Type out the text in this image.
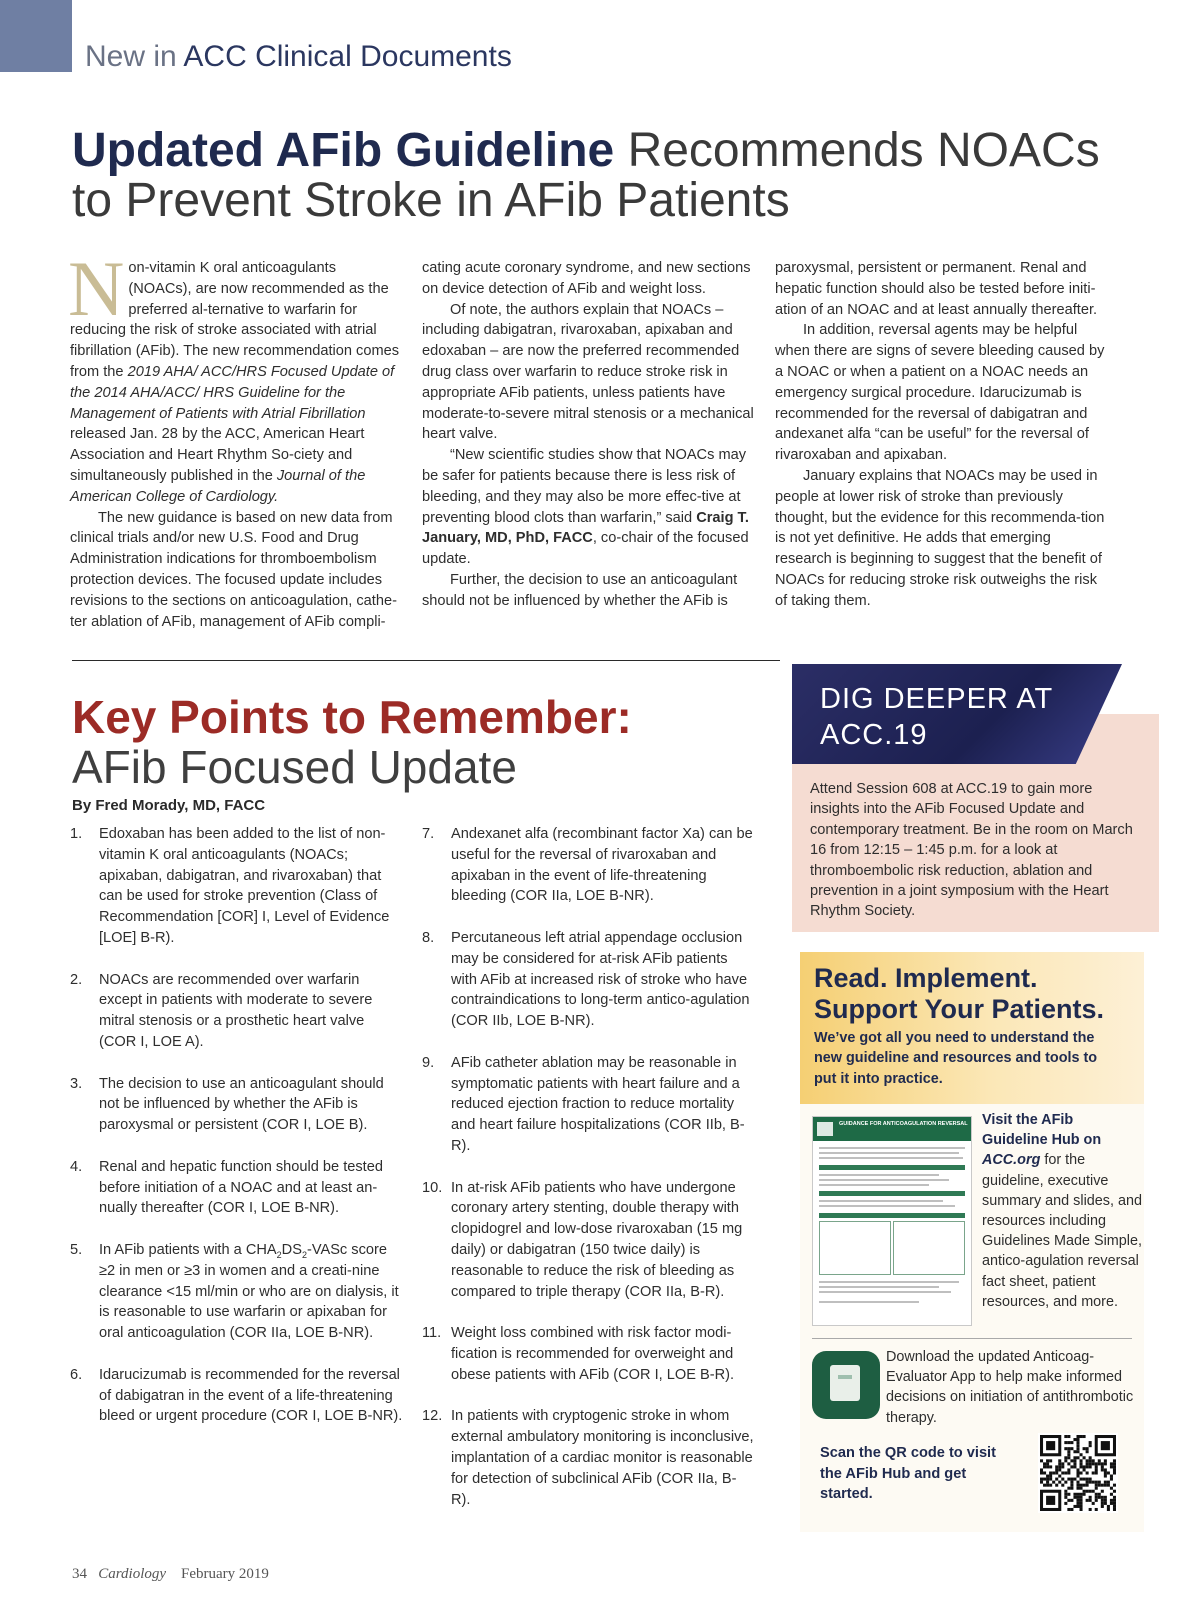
New in ACC Clinical Documents
Updated AFib Guideline Recommends NOACs
to Prevent Stroke in AFib Patients

Non-vitamin K oral anticoagulants (NOACs), are now recommended as the preferred al-ternative to warfarin for reducing the risk of stroke associated with atrial fibrillation (AFib). The new recommendation comes from the 2019 AHA/ ACC/HRS Focused Update of the 2014 AHA/ACC/ HRS Guideline for the Management of Patients with Atrial Fibrillation released Jan. 28 by the ACC, American Heart Association and Heart Rhythm So-ciety and simultaneously published in the Journal of the American College of Cardiology.

The new guidance is based on new data from clinical trials and/or new U.S. Food and Drug Administration indications for thromboembolism protection devices. The focused update includes revisions to the sections on anticoagulation, cathe-ter ablation of AFib, management of AFib compli-

cating acute coronary syndrome, and new sections on device detection of AFib and weight loss.

Of note, the authors explain that NOACs – including dabigatran, rivaroxaban, apixaban and edoxaban – are now the preferred recommended drug class over warfarin to reduce stroke risk in appropriate AFib patients, unless patients have moderate-to-severe mitral stenosis or a mechanical heart valve.

“New scientific studies show that NOACs may be safer for patients because there is less risk of bleeding, and they may also be more effec-tive at preventing blood clots than warfarin,” said Craig T. January, MD, PhD, FACC, co-chair of the focused update.

Further, the decision to use an anticoagulant should not be influenced by whether the AFib is

paroxysmal, persistent or permanent. Renal and hepatic function should also be tested before initi-ation of an NOAC and at least annually thereafter.

In addition, reversal agents may be helpful when there are signs of severe bleeding caused by a NOAC or when a patient on a NOAC needs an emergency surgical procedure. Idarucizumab is recommended for the reversal of dabigatran and andexanet alfa “can be useful” for the reversal of rivaroxaban and apixaban.

January explains that NOACs may be used in people at lower risk of stroke than previously thought, but the evidence for this recommenda-tion is not yet definitive. He adds that emerging research is beginning to suggest that the benefit of NOACs for reducing stroke risk outweighs the risk of taking them.

Key Points to Remember:
AFib Focused Update
By Fred Morady, MD, FACC
1. Edoxaban has been added to the list of non-vitamin K oral anticoagulants (NOACs; apixaban, dabigatran, and rivaroxaban) that can be used for stroke prevention (Class of Recommendation [COR] I, Level of Evidence [LOE] B-R).
2. NOACs are recommended over warfarin except in patients with moderate to severe mitral stenosis or a prosthetic heart valve (COR I, LOE A).
3. The decision to use an anticoagulant should not be influenced by whether the AFib is paroxysmal or persistent (COR I, LOE B).
4. Renal and hepatic function should be tested before initiation of a NOAC and at least an-nually thereafter (COR I, LOE B-NR).
5. In AFib patients with a $CHA_2DS_2$-VASc score ≥2 in men or ≥3 in women and a creati-nine clearance <15 ml/min or who are on dialysis, it is reasonable to use warfarin or apixaban for oral anticoagulation (COR IIa, LOE B-NR).
6. Idarucizumab is recommended for the reversal of dabigatran in the event of a life-threatening bleed or urgent procedure (COR I, LOE B-NR).
7. Andexanet alfa (recombinant factor Xa) can be useful for the reversal of rivaroxaban and apixaban in the event of life-threatening bleeding (COR IIa, LOE B-NR).
8. Percutaneous left atrial appendage occlusion may be considered for at-risk AFib patients with AFib at increased risk of stroke who have contraindications to long-term antico-agulation (COR IIb, LOE B-NR).
9. AFib catheter ablation may be reasonable in symptomatic patients with heart failure and a reduced ejection fraction to reduce mortality and heart failure hospitalizations (COR IIb, B-R).
10. In at-risk AFib patients who have undergone coronary artery stenting, double therapy with clopidogrel and low-dose rivaroxaban (15 mg daily) or dabigatran (150 twice daily) is reasonable to reduce the risk of bleeding as compared to triple therapy (COR IIa, B-R).
11. Weight loss combined with risk factor modi-fication is recommended for overweight and obese patients with AFib (COR I, LOE B-R).
12. In patients with cryptogenic stroke in whom external ambulatory monitoring is inconclusive, implantation of a cardiac monitor is reasonable for detection of subclinical AFib (COR IIa, B-R).
DIG DEEPER AT
ACC.19
Attend Session 608 at ACC.19 to gain more insights into the AFib Focused Update and contemporary treatment. Be in the room on March 16 from 12:15 – 1:45 p.m. for a look at thromboembolic risk reduction, ablation and prevention in a joint symposium with the Heart Rhythm Society.
Read. Implement.
Support Your Patients.
We’ve got all you need to understand the new guideline and resources and tools to put it into practice.
GUIDANCE FOR ANTICOAGULATION REVERSAL Visit the AFib Guideline Hub on ACC.org for the guideline, executive summary and slides, and resources including Guidelines Made Simple, antico-agulation reversal fact sheet, patient resources, and more.
Download the updated Anticoag-Evaluator App to help make informed decisions on initiation of antithrombotic therapy.
Scan the QR code to visit the AFib Hub and get started.
34 Cardiology February 2019
